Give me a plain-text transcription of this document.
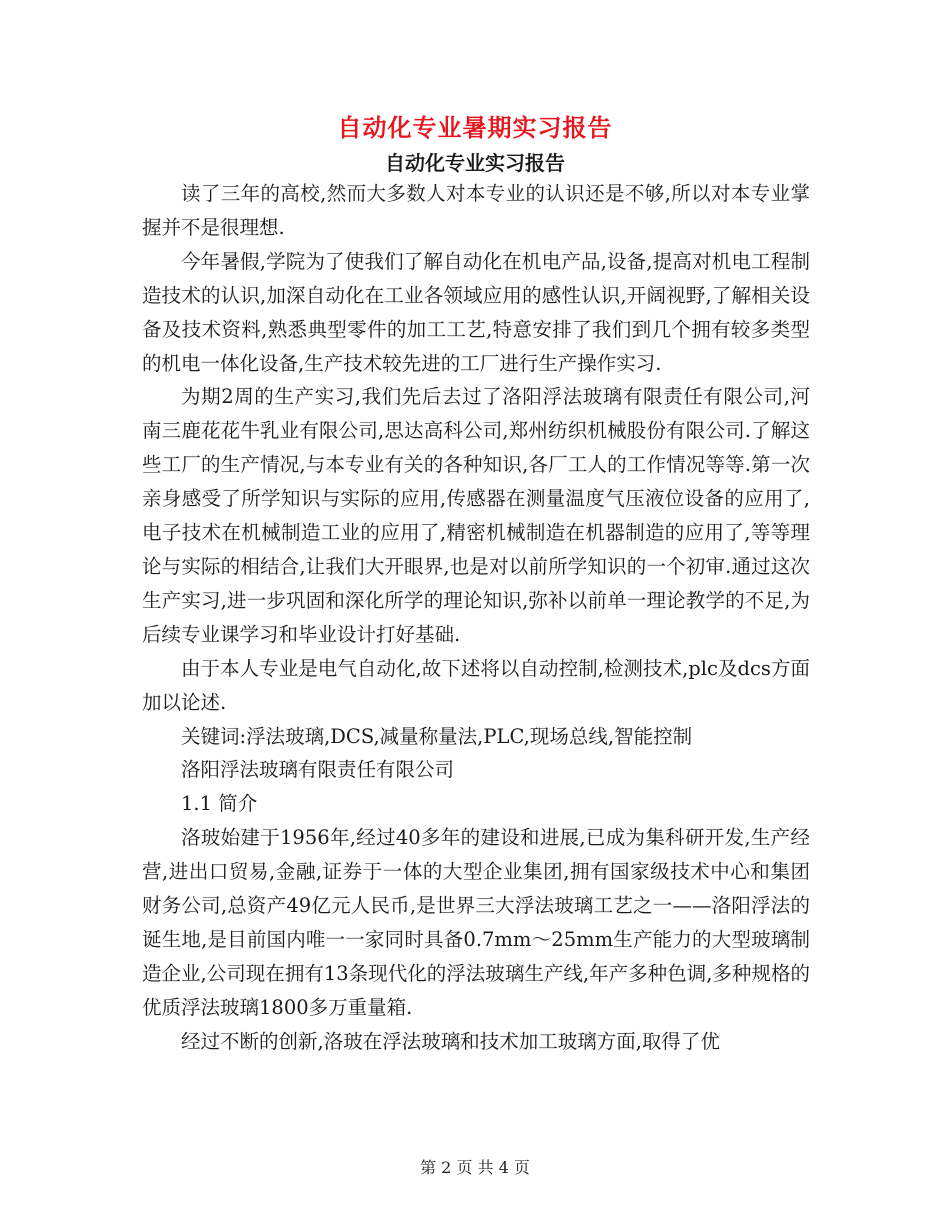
自动化专业暑期实习报告
自动化专业实习报告

读了三年的高校,然而大多数人对本专业的认识还是不够,所以对本专业掌握并不是很理想.

今年暑假,学院为了使我们了解自动化在机电产品,设备,提高对机电工程制造技术的认识,加深自动化在工业各领域应用的感性认识,开阔视野,了解相关设备及技术资料,熟悉典型零件的加工工艺,特意安排了我们到几个拥有较多类型的机电一体化设备,生产技术较先进的工厂进行生产操作实习.

为期2周的生产实习,我们先后去过了洛阳浮法玻璃有限责任有限公司,河南三鹿花花牛乳业有限公司,思达高科公司,郑州纺织机械股份有限公司.了解这些工厂的生产情况,与本专业有关的各种知识,各厂工人的工作情况等等.第一次亲身感受了所学知识与实际的应用,传感器在测量温度气压液位设备的应用了,电子技术在机械制造工业的应用了,精密机械制造在机器制造的应用了,等等理论与实际的相结合,让我们大开眼界,也是对以前所学知识的一个初审.通过这次生产实习,进一步巩固和深化所学的理论知识,弥补以前单一理论教学的不足,为后续专业课学习和毕业设计打好基础.

由于本人专业是电气自动化,故下述将以自动控制,检测技术,plc及dcs方面加以论述.

关键词:浮法玻璃,DCS,减量称量法,PLC,现场总线,智能控制

洛阳浮法玻璃有限责任有限公司

1.1 简介

洛玻始建于1956年,经过40多年的建设和进展,已成为集科研开发,生产经营,进出口贸易,金融,证券于一体的大型企业集团,拥有国家级技术中心和集团财务公司,总资产49亿元人民币,是世界三大浮法玻璃工艺之一——洛阳浮法的诞生地,是目前国内唯一一家同时具备0.7mm～25mm生产能力的大型玻璃制造企业,公司现在拥有13条现代化的浮法玻璃生产线,年产多种色调,多种规格的优质浮法玻璃1800多万重量箱.

经过不断的创新,洛玻在浮法玻璃和技术加工玻璃方面,取得了优

第 2 页 共 4 页
